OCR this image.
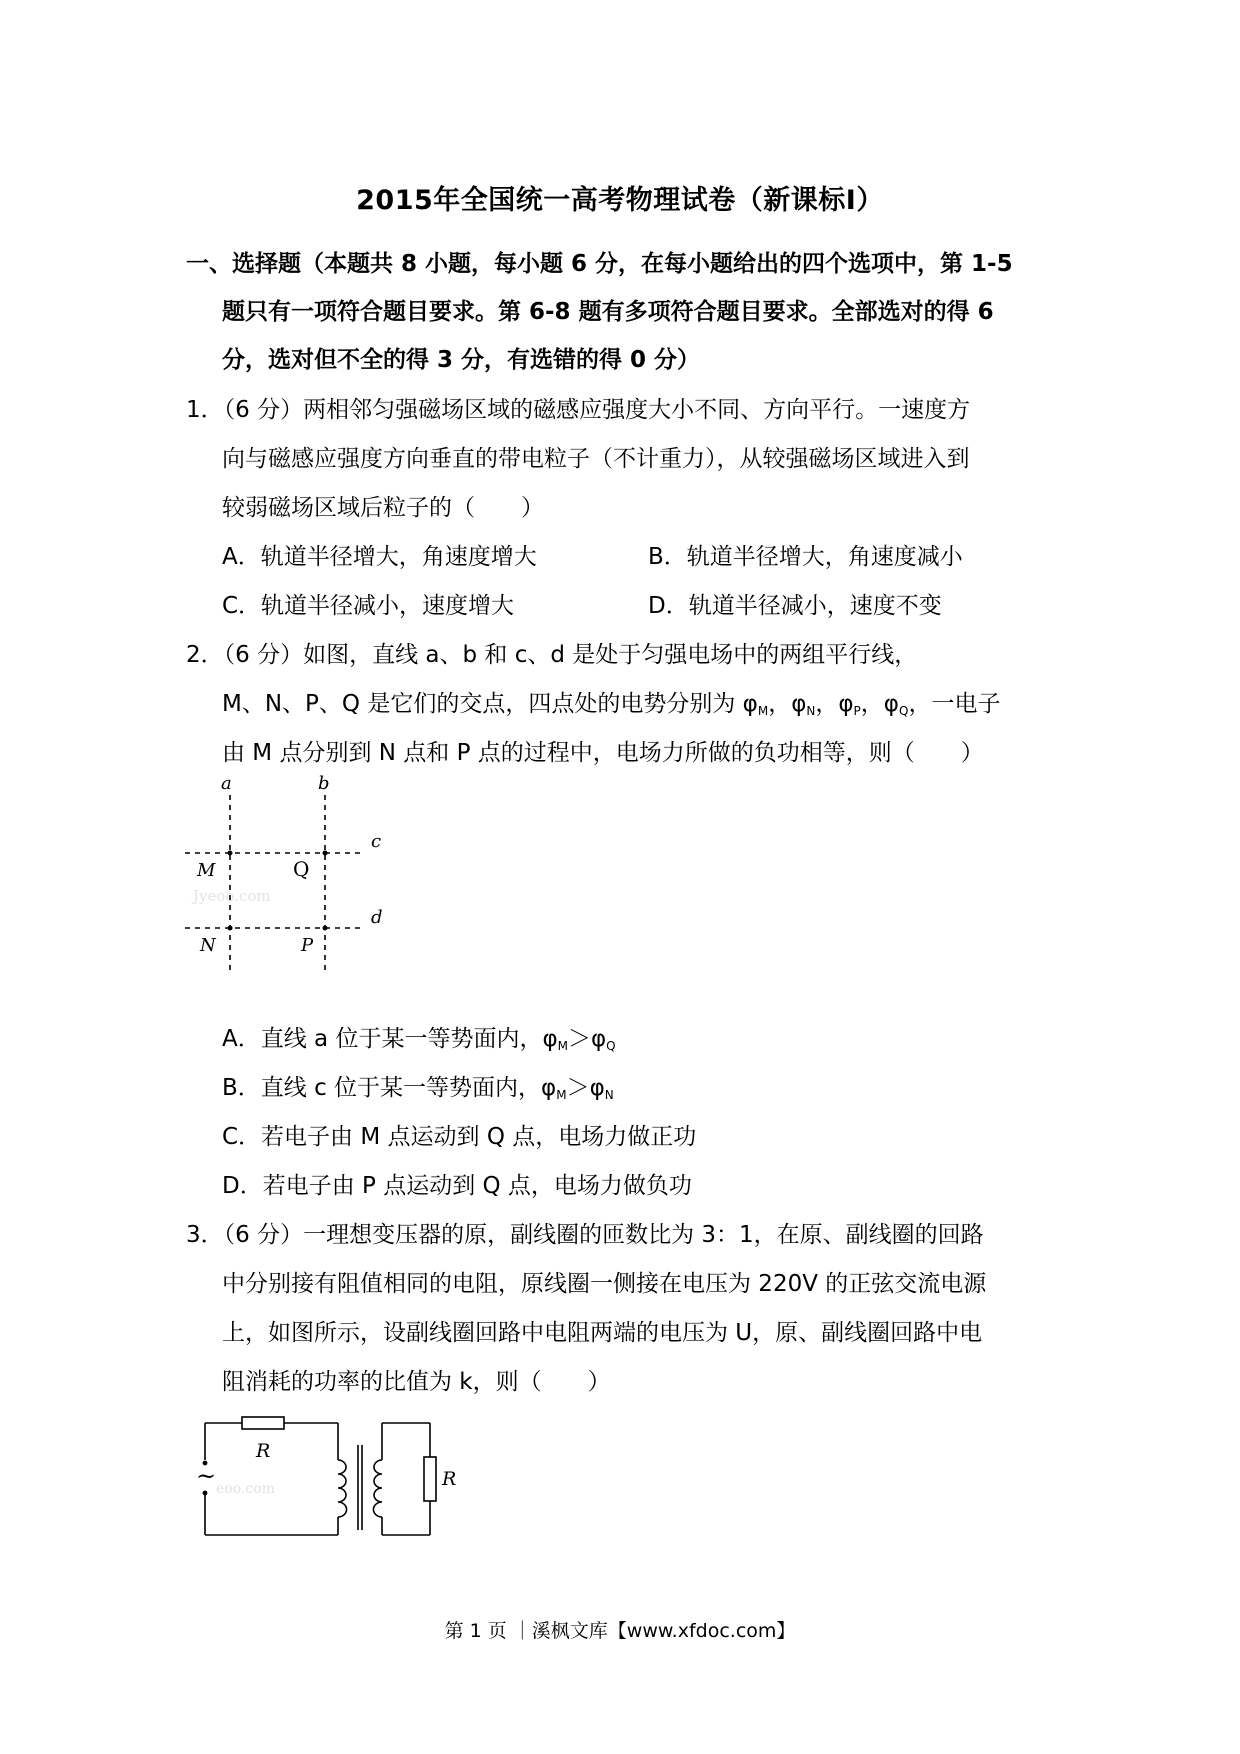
2015年全国统一高考物理试卷（新课标Ⅰ）
一、选择题（本题共 8 小题，每小题 6 分，在每小题给出的四个选项中，第 1-5
题只有一项符合题目要求。第 6-8 题有多项符合题目要求。全部选对的得 6
分，选对但不全的得 3 分，有选错的得 0 分）
1．（6 分）两相邻匀强磁场区域的磁感应强度大小不同、方向平行。一速度方
向与磁感应强度方向垂直的带电粒子（不计重力），从较强磁场区域进入到
较弱磁场区域后粒子的（　　）
A．轨道半径增大，角速度增大	B．轨道半径增大，角速度减小
C．轨道半径减小，速度增大	D．轨道半径减小，速度不变
2．（6 分）如图，直线 a、b 和 c、d 是处于匀强电场中的两组平行线，
M、N、P、Q 是它们的交点，四点处的电势分别为 $\varphi_M$，$\varphi_N$，$\varphi_P$，$\varphi_Q$，一电子
由 M 点分别到 N 点和 P 点的过程中，电场力所做的负功相等，则（　　）
a	b
c
d
M
N	P
Q
Jyeoo.com
A．直线 a 位于某一等势面内，$\varphi_M>\varphi_Q$
B．直线 c 位于某一等势面内，$\varphi_M>\varphi_N$
C．若电子由 M 点运动到 Q 点，电场力做正功
D．若电子由 P 点运动到 Q 点，电场力做负功
3．（6 分）一理想变压器的原，副线圈的匝数比为 3：1，在原、副线圈的回路
中分别接有阻值相同的电阻，原线圈一侧接在电压为 220V 的正弦交流电源
上，如图所示，设副线圈回路中电阻两端的电压为 U，原、副线圈回路中电
阻消耗的功率的比值为 k，则（　　）
~
R
R
eoo.com
第 1 页 ｜溪枫文库【www.xfdoc.com】
